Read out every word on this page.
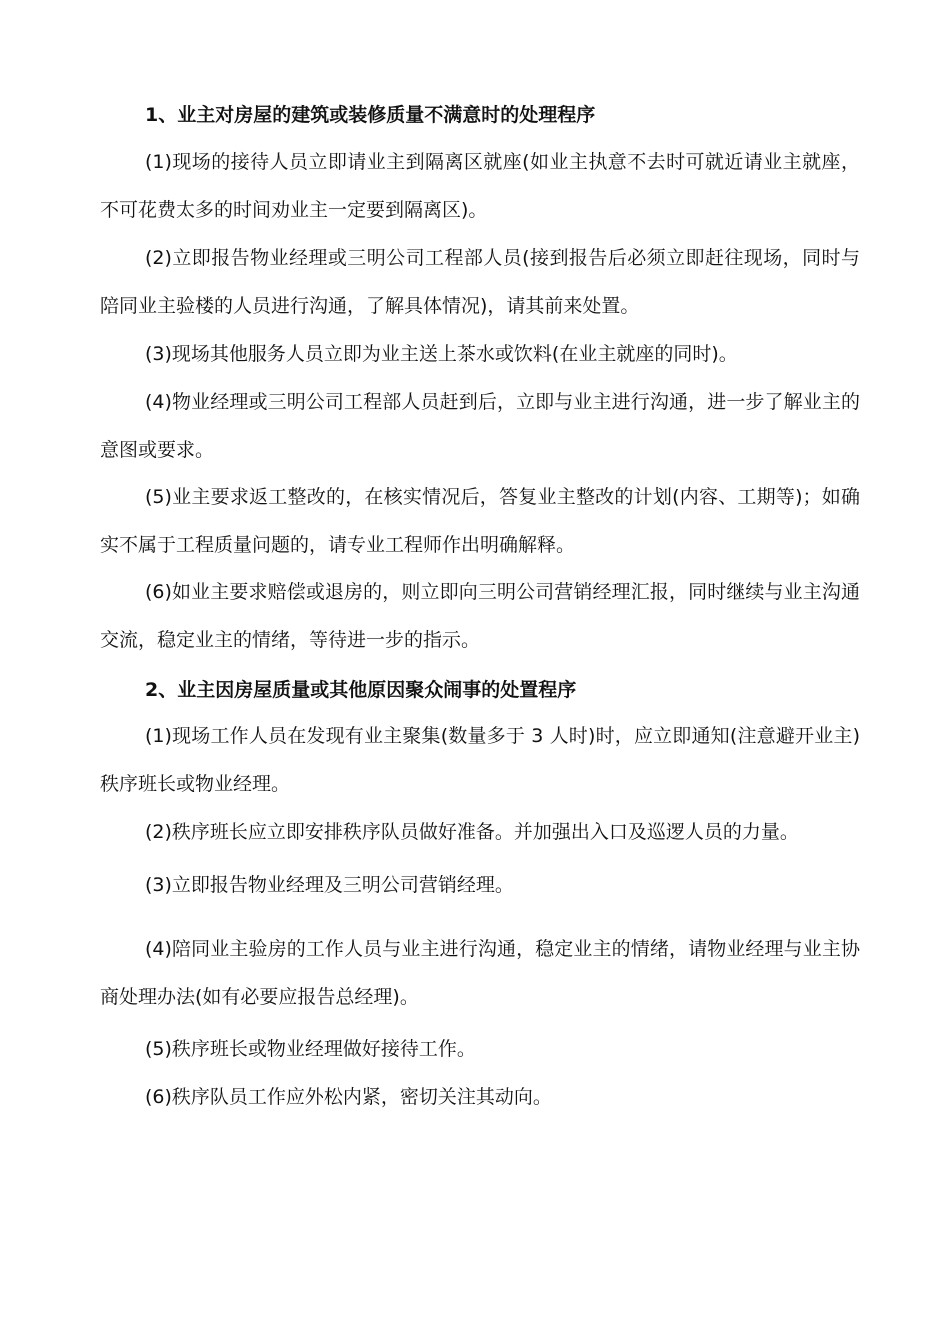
1、业主对房屋的建筑或装修质量不满意时的处理程序

(1)现场的接待人员立即请业主到隔离区就座(如业主执意不去时可就近请业主就座，不可花费太多的时间劝业主一定要到隔离区)。

(2)立即报告物业经理或三明公司工程部人员(接到报告后必须立即赶往现场，同时与陪同业主验楼的人员进行沟通，了解具体情况)，请其前来处置。

(3)现场其他服务人员立即为业主送上茶水或饮料(在业主就座的同时)。

(4)物业经理或三明公司工程部人员赶到后，立即与业主进行沟通，进一步了解业主的意图或要求。

(5)业主要求返工整改的，在核实情况后，答复业主整改的计划(内容、工期等)；如确实不属于工程质量问题的，请专业工程师作出明确解释。

(6)如业主要求赔偿或退房的，则立即向三明公司营销经理汇报，同时继续与业主沟通交流，稳定业主的情绪，等待进一步的指示。

2、业主因房屋质量或其他原因聚众闹事的处置程序

(1)现场工作人员在发现有业主聚集(数量多于 3 人时)时，应立即通知(注意避开业主)秩序班长或物业经理。

(2)秩序班长应立即安排秩序队员做好准备。并加强出入口及巡逻人员的力量。

(3)立即报告物业经理及三明公司营销经理。

(4)陪同业主验房的工作人员与业主进行沟通，稳定业主的情绪，请物业经理与业主协商处理办法(如有必要应报告总经理)。

(5)秩序班长或物业经理做好接待工作。

(6)秩序队员工作应外松内紧，密切关注其动向。
